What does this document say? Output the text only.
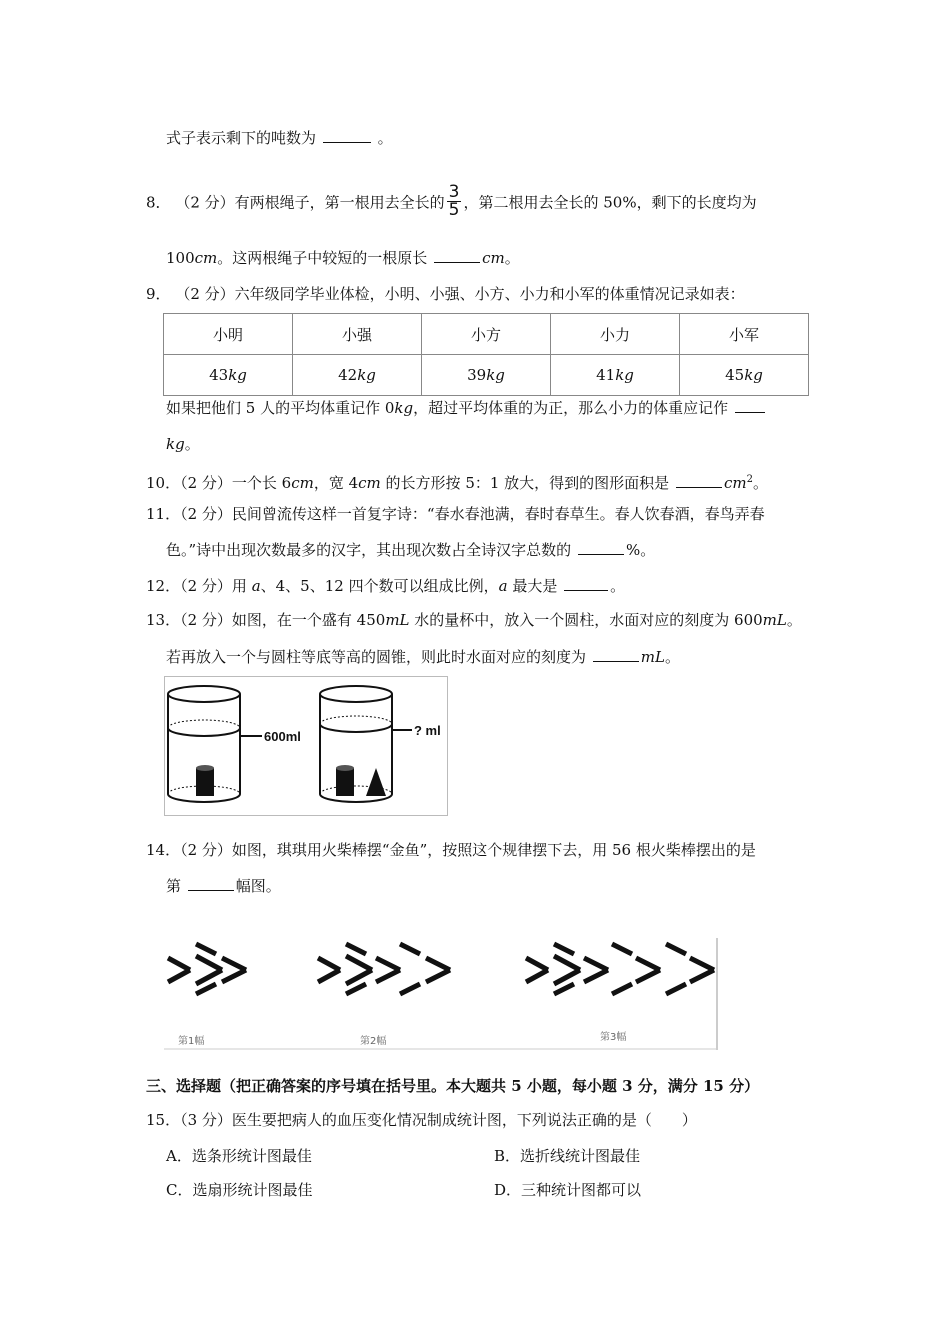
式子表示剩下的吨数为	。
8． （2 分）有两根绳子，第一根用去全长的 $\frac{3}{5}$ ，第二根用去全长的 50%，剩下的长度均为
100cm。这两根绳子中较短的一根原长	cm。
9． （2 分）六年级同学毕业体检，小明、小强、小方、小力和小军的体重情况记录如表：
小明	小强	小方	小力	小军
43kg	42kg	39kg	41kg	45kg
如果把他们 5 人的平均体重记作 0kg，超过平均体重的为正，那么小力的体重应记作
kg。
10．（2 分）一个长 6cm，宽 4cm 的长方形按 5：1 放大，得到的图形面积是	$cm^2$。
11．（2 分）民间曾流传这样一首复字诗：“春水春池满，春时春草生。春人饮春酒，春鸟弄春
色。”诗中出现次数最多的汉字，其出现次数占全诗汉字总数的	%。
12．（2 分）用 a、4、5、12 四个数可以组成比例，a 最大是	。
13．（2 分）如图，在一个盛有 450mL 水的量杯中，放入一个圆柱，水面对应的刻度为 600mL。
若再放入一个与圆柱等底等高的圆锥，则此时水面对应的刻度为	mL。
600ml	? ml
14．（2 分）如图，琪琪用火柴棒摆“金鱼”，按照这个规律摆下去，用 56 根火柴棒摆出的是
第	幅图。
第1幅	第2幅	第3幅
三、选择题（把正确答案的序号填在括号里。本大题共 5 小题，每小题 3 分，满分 15 分）
15．（3 分）医生要把病人的血压变化情况制成统计图，下列说法正确的是（　　）
A．选条形统计图最佳	B．选折线统计图最佳
C．选扇形统计图最佳	D．三种统计图都可以
